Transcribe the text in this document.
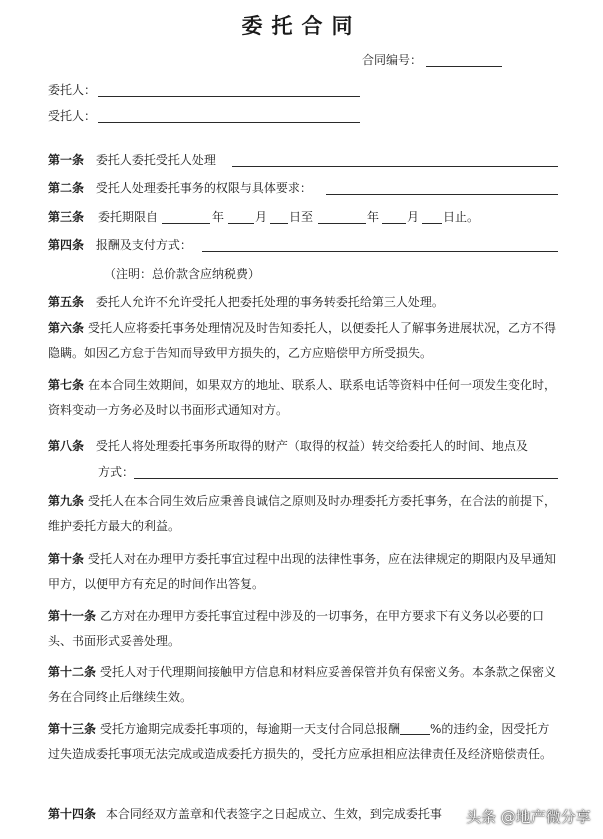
委托合同
合同编号：
委托人：
受托人：
第一条 委托人委托受托人处理
第二条 受托人处理委托事务的权限与具体要求：
第三条 委托期限自	年	月 日至	年 月 日止。
第四条 报酬及支付方式：
（注明：总价款含应纳税费）
第五条 委托人允许不允许受托人把委托处理的事务转委托给第三人处理。
第六条 受托人应将委托事务处理情况及时告知委托人，以便委托人了解事务进展状况，乙方不得隐瞒。如因乙方怠于告知而导致甲方损失的，乙方应赔偿甲方所受损失。
第七条 在本合同生效期间，如果双方的地址、联系人、联系电话等资料中任何一项发生变化时，资料变动一方务必及时以书面形式通知对方。
第八条 受托人将处理委托事务所取得的财产（取得的权益）转交给委托人的时间、地点及
方式：
第九条 受托人在本合同生效后应秉善良诚信之原则及时办理委托方委托事务，在合法的前提下，维护委托方最大的利益。
第十条 受托人对在办理甲方委托事宜过程中出现的法律性事务，应在法律规定的期限内及早通知甲方，以便甲方有充足的时间作出答复。
第十一条 乙方对在办理甲方委托事宜过程中涉及的一切事务，在甲方要求下有义务以必要的口头、书面形式妥善处理。
第十二条 受托人对于代理期间接触甲方信息和材料应妥善保管并负有保密义务。本条款之保密义务在合同终止后继续生效。
第十三条 受托方逾期完成委托事项的，每逾期一天支付合同总报酬	%的违约金，因受托方过失造成委托事项无法完成或造成委托方损失的，受托方应承担相应法律责任及经济赔偿责任。
第十四条 本合同经双方盖章和代表签字之日起成立、生效，到完成委托事 头条 @地产微分享
